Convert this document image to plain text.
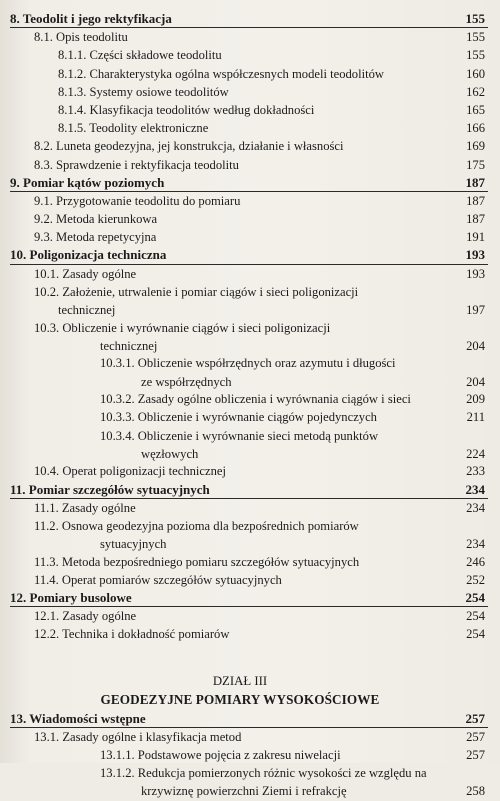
8. Teodolit i jego rektyfikacja	155
8.1. Opis teodolitu	155
8.1.1. Części składowe teodolitu	155
8.1.2. Charakterystyka ogólna współczesnych modeli teodolitów	160
8.1.3. Systemy osiowe teodolitów	162
8.1.4. Klasyfikacja teodolitów według dokładności	165
8.1.5. Teodolity elektroniczne	166
8.2. Luneta geodezyjna, jej konstrukcja, działanie i własności	169
8.3. Sprawdzenie i rektyfikacja teodolitu	175
9. Pomiar kątów poziomych	187
9.1. Przygotowanie teodolitu do pomiaru	187
9.2. Metoda kierunkowa	187
9.3. Metoda repetycyjna	191
10. Poligonizacja techniczna	193
10.1. Zasady ogólne	193
10.2. Założenie, utrwalenie i pomiar ciągów i sieci poligonizacji
technicznej	197
10.3. Obliczenie i wyrównanie ciągów i sieci poligonizacji
technicznej	204
10.3.1. Obliczenie współrzędnych oraz azymutu i długości
ze współrzędnych	204
10.3.2. Zasady ogólne obliczenia i wyrównania ciągów i sieci	209
10.3.3. Obliczenie i wyrównanie ciągów pojedynczych	211
10.3.4. Obliczenie i wyrównanie sieci metodą punktów
węzłowych	224
10.4. Operat poligonizacji technicznej	233
11. Pomiar szczegółów sytuacyjnych	234
11.1. Zasady ogólne	234
11.2. Osnowa geodezyjna pozioma dla bezpośrednich pomiarów
sytuacyjnych	234
11.3. Metoda bezpośredniego pomiaru szczegółów sytuacyjnych	246
11.4. Operat pomiarów szczegółów sytuacyjnych	252
12. Pomiary busolowe	254
12.1. Zasady ogólne	254
12.2. Technika i dokładność pomiarów	254
DZIAŁ III
GEODEZYJNE POMIARY WYSOKOŚCIOWE
13. Wiadomości wstępne	257
13.1. Zasady ogólne i klasyfikacja metod	257
13.1.1. Podstawowe pojęcia z zakresu niwelacji	257
13.1.2. Redukcja pomierzonych różnic wysokości ze względu na
krzywiznę powierzchni Ziemi i refrakcję	258
